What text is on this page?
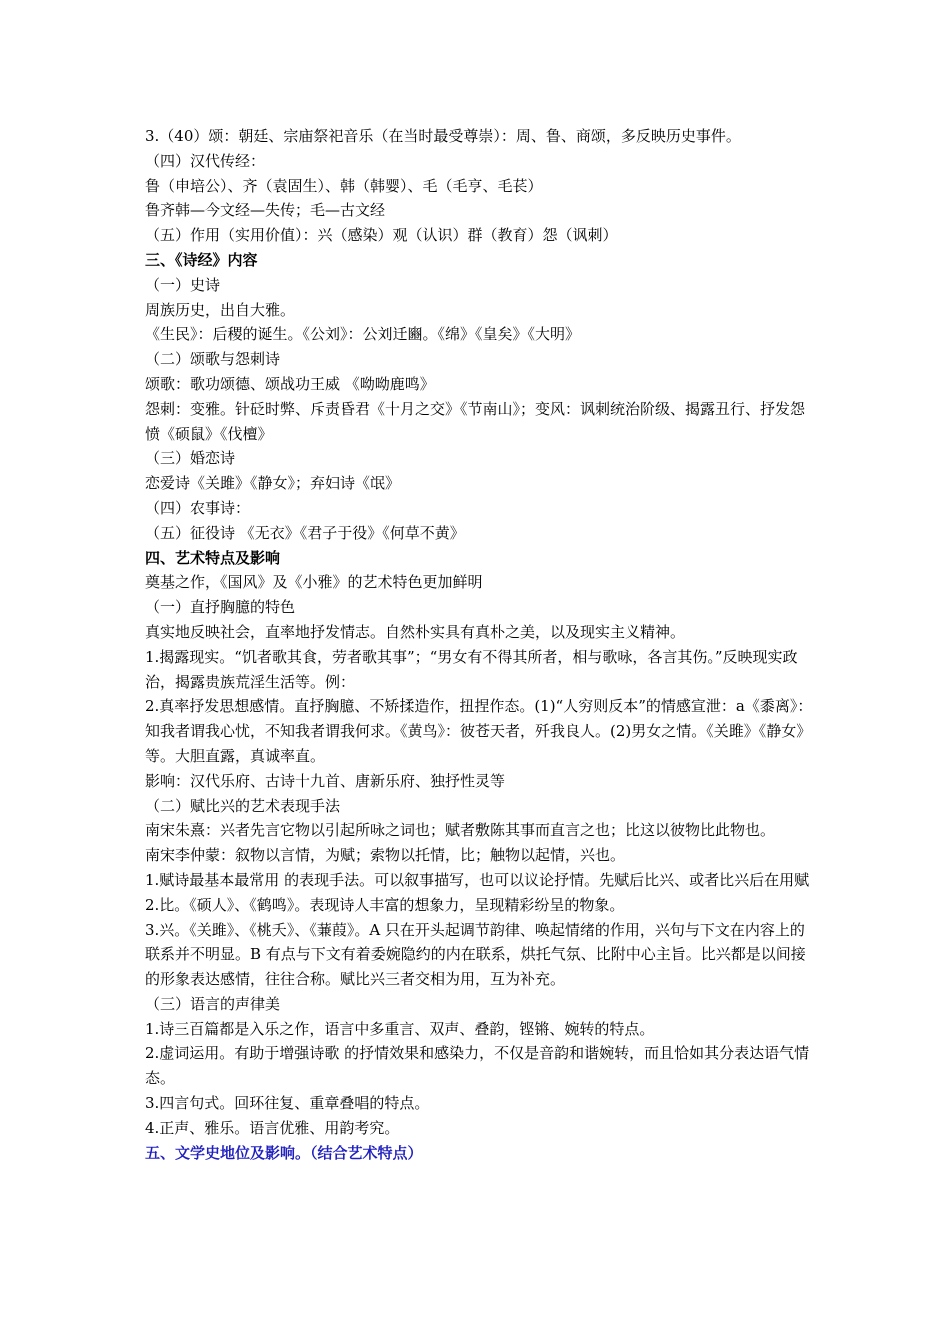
3.（40）颂：朝廷、宗庙祭祀音乐（在当时最受尊崇）：周、鲁、商颂，多反映历史事件。

（四）汉代传经：

鲁（申培公）、齐（袁固生）、韩（韩婴）、毛（毛亨、毛苌）

鲁齐韩—今文经—失传；毛—古文经

（五）作用（实用价值）：兴（感染）观（认识）群（教育）怨（讽刺）

三、《诗经》内容

（一）史诗

周族历史，出自大雅。

《生民》：后稷的诞生。《公刘》：公刘迁豳。《绵》《皇矣》《大明》

（二）颂歌与怨刺诗

颂歌：歌功颂德、颂战功王威 《呦呦鹿鸣》

怨刺：变雅。针砭时弊、斥责昏君《十月之交》《节南山》；变风：讽刺统治阶级、揭露丑行、抒发怨愤《硕鼠》《伐檀》

（三）婚恋诗

恋爱诗《关雎》《静女》；弃妇诗《氓》

（四）农事诗：

（五）征役诗 《无衣》《君子于役》《何草不黄》

四、艺术特点及影响

奠基之作，《国风》及《小雅》的艺术特色更加鲜明

（一）直抒胸臆的特色

真实地反映社会，直率地抒发情志。自然朴实具有真朴之美，以及现实主义精神。

1.揭露现实。“饥者歌其食，劳者歌其事”；“男女有不得其所者，相与歌咏，各言其伤。”反映现实政治，揭露贵族荒淫生活等。例：

2.真率抒发思想感情。直抒胸臆、不矫揉造作，扭捏作态。(1)“人穷则反本”的情感宣泄：a《黍离》：知我者谓我心忧，不知我者谓我何求。《黄鸟》：彼苍天者，歼我良人。(2)男女之情。《关雎》《静女》等。大胆直露，真诚率直。

影响：汉代乐府、古诗十九首、唐新乐府、独抒性灵等

（二）赋比兴的艺术表现手法

南宋朱熹：兴者先言它物以引起所咏之词也；赋者敷陈其事而直言之也；比这以彼物比此物也。

南宋李仲蒙：叙物以言情，为赋；索物以托情，比；触物以起情，兴也。

1.赋诗最基本最常用 的表现手法。可以叙事描写，也可以议论抒情。先赋后比兴、或者比兴后在用赋

2.比。《硕人》、《鹤鸣》。表现诗人丰富的想象力，呈现精彩纷呈的物象。

3.兴。《关雎》、《桃夭》、《蒹葭》。A 只在开头起调节韵律、唤起情绪的作用，兴句与下文在内容上的联系并不明显。B 有点与下文有着委婉隐约的内在联系，烘托气氛、比附中心主旨。比兴都是以间接的形象表达感情，往往合称。赋比兴三者交相为用，互为补充。

（三）语言的声律美

1.诗三百篇都是入乐之作，语言中多重言、双声、叠韵，铿锵、婉转的特点。

2.虚词运用。有助于增强诗歌 的抒情效果和感染力，不仅是音韵和谐婉转，而且恰如其分表达语气情态。

3.四言句式。回环往复、重章叠唱的特点。

4.正声、雅乐。语言优雅、用韵考究。

五、文学史地位及影响。（结合艺术特点）
